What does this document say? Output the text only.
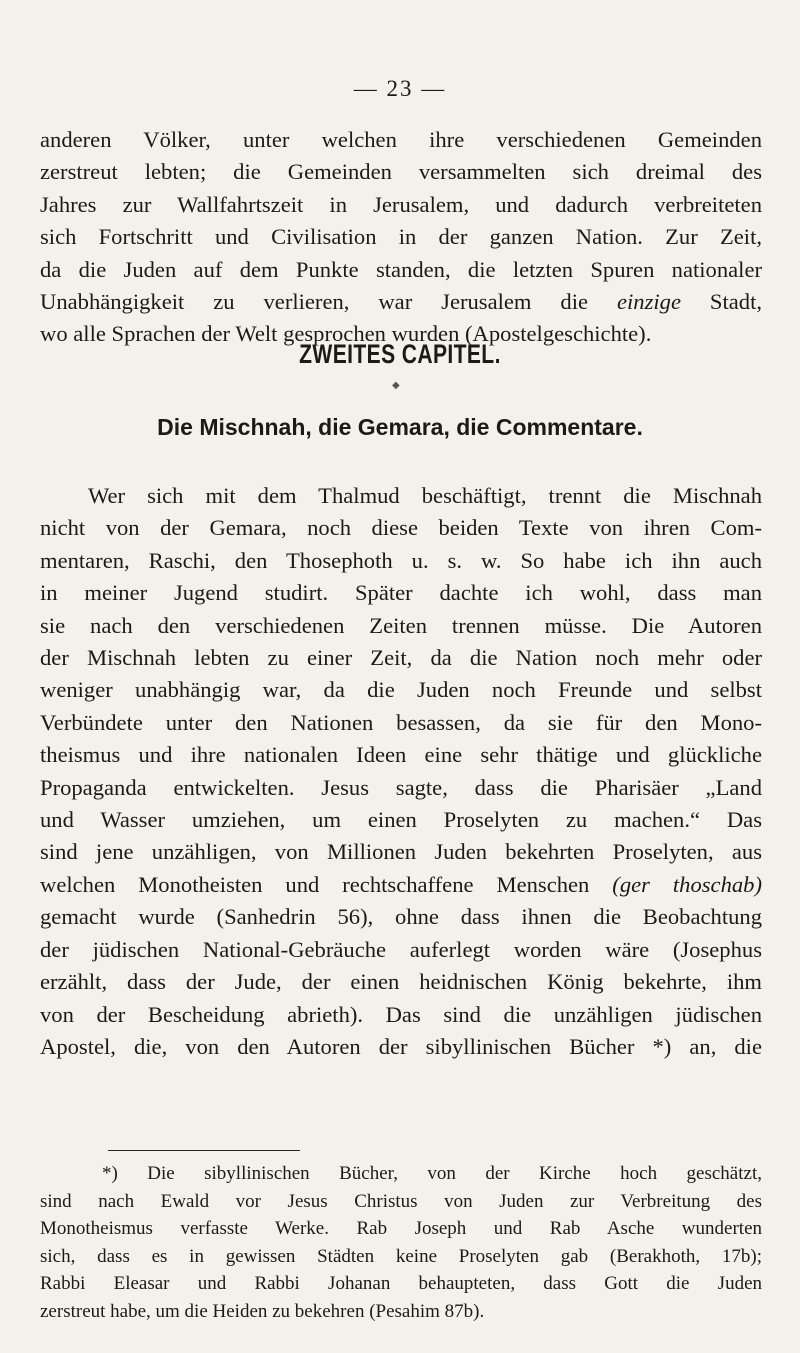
— 23 —
anderen Völker, unter welchen ihre verschiedenen Gemeinden
zerstreut lebten; die Gemeinden versammelten sich dreimal des
Jahres zur Wallfahrtszeit in Jerusalem, und dadurch verbreiteten
sich Fortschritt und Civilisation in der ganzen Nation. Zur Zeit,
da die Juden auf dem Punkte standen, die letzten Spuren nationaler
Unabhängigkeit zu verlieren, war Jerusalem die einzige Stadt,
wo alle Sprachen der Welt gesprochen wurden (Apostelgeschichte).
ZWEITES CAPITEL.
◆
Die Mischnah, die Gemara, die Commentare.
Wer sich mit dem Thalmud beschäftigt, trennt die Mischnah
nicht von der Gemara, noch diese beiden Texte von ihren Com-
mentaren, Raschi, den Thosephoth u. s. w. So habe ich ihn auch
in meiner Jugend studirt. Später dachte ich wohl, dass man
sie nach den verschiedenen Zeiten trennen müsse. Die Autoren
der Mischnah lebten zu einer Zeit, da die Nation noch mehr oder
weniger unabhängig war, da die Juden noch Freunde und selbst
Verbündete unter den Nationen besassen, da sie für den Mono-
theismus und ihre nationalen Ideen eine sehr thätige und glückliche
Propaganda entwickelten. Jesus sagte, dass die Pharisäer „Land
und Wasser umziehen, um einen Proselyten zu machen.“ Das
sind jene unzähligen, von Millionen Juden bekehrten Proselyten, aus
welchen Monotheisten und rechtschaffene Menschen (ger thoschab)
gemacht wurde (Sanhedrin 56), ohne dass ihnen die Beobachtung
der jüdischen National-Gebräuche auferlegt worden wäre (Josephus
erzählt, dass der Jude, der einen heidnischen König bekehrte, ihm
von der Bescheidung abrieth). Das sind die unzähligen jüdischen
Apostel, die, von den Autoren der sibyllinischen Bücher *) an, die
*) Die sibyllinischen Bücher, von der Kirche hoch geschätzt,
sind nach Ewald vor Jesus Christus von Juden zur Verbreitung des
Monotheismus verfasste Werke. Rab Joseph und Rab Asche wunderten
sich, dass es in gewissen Städten keine Proselyten gab (Berakhoth, 17b);
Rabbi Eleasar und Rabbi Johanan behaupteten, dass Gott die Juden
zerstreut habe, um die Heiden zu bekehren (Pesahim 87b).
